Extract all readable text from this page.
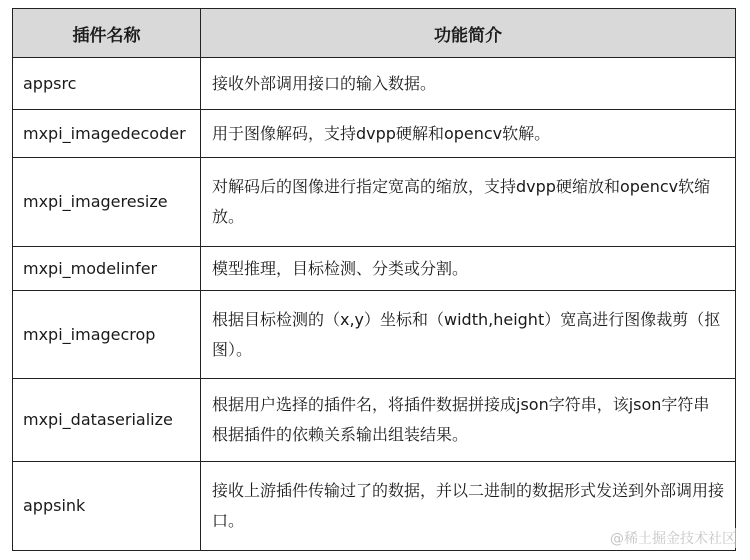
插件名称	功能简介
appsrc	接收外部调用接口的输入数据。
mxpi_imagedecoder	用于图像解码，支持dvpp硬解和opencv软解。
mxpi_imageresize	对解码后的图像进行指定宽高的缩放，支持dvpp硬缩放和opencv软缩放。
mxpi_modelinfer	模型推理，目标检测、分类或分割。
mxpi_imagecrop	根据目标检测的（x,y）坐标和（width,height）宽高进行图像裁剪（抠图）。
mxpi_dataserialize	根据用户选择的插件名，将插件数据拼接成json字符串，该json字符串根据插件的依赖关系输出组装结果。
appsink	接收上游插件传输过了的数据，并以二进制的数据形式发送到外部调用接口。
@稀土掘金技术社区
